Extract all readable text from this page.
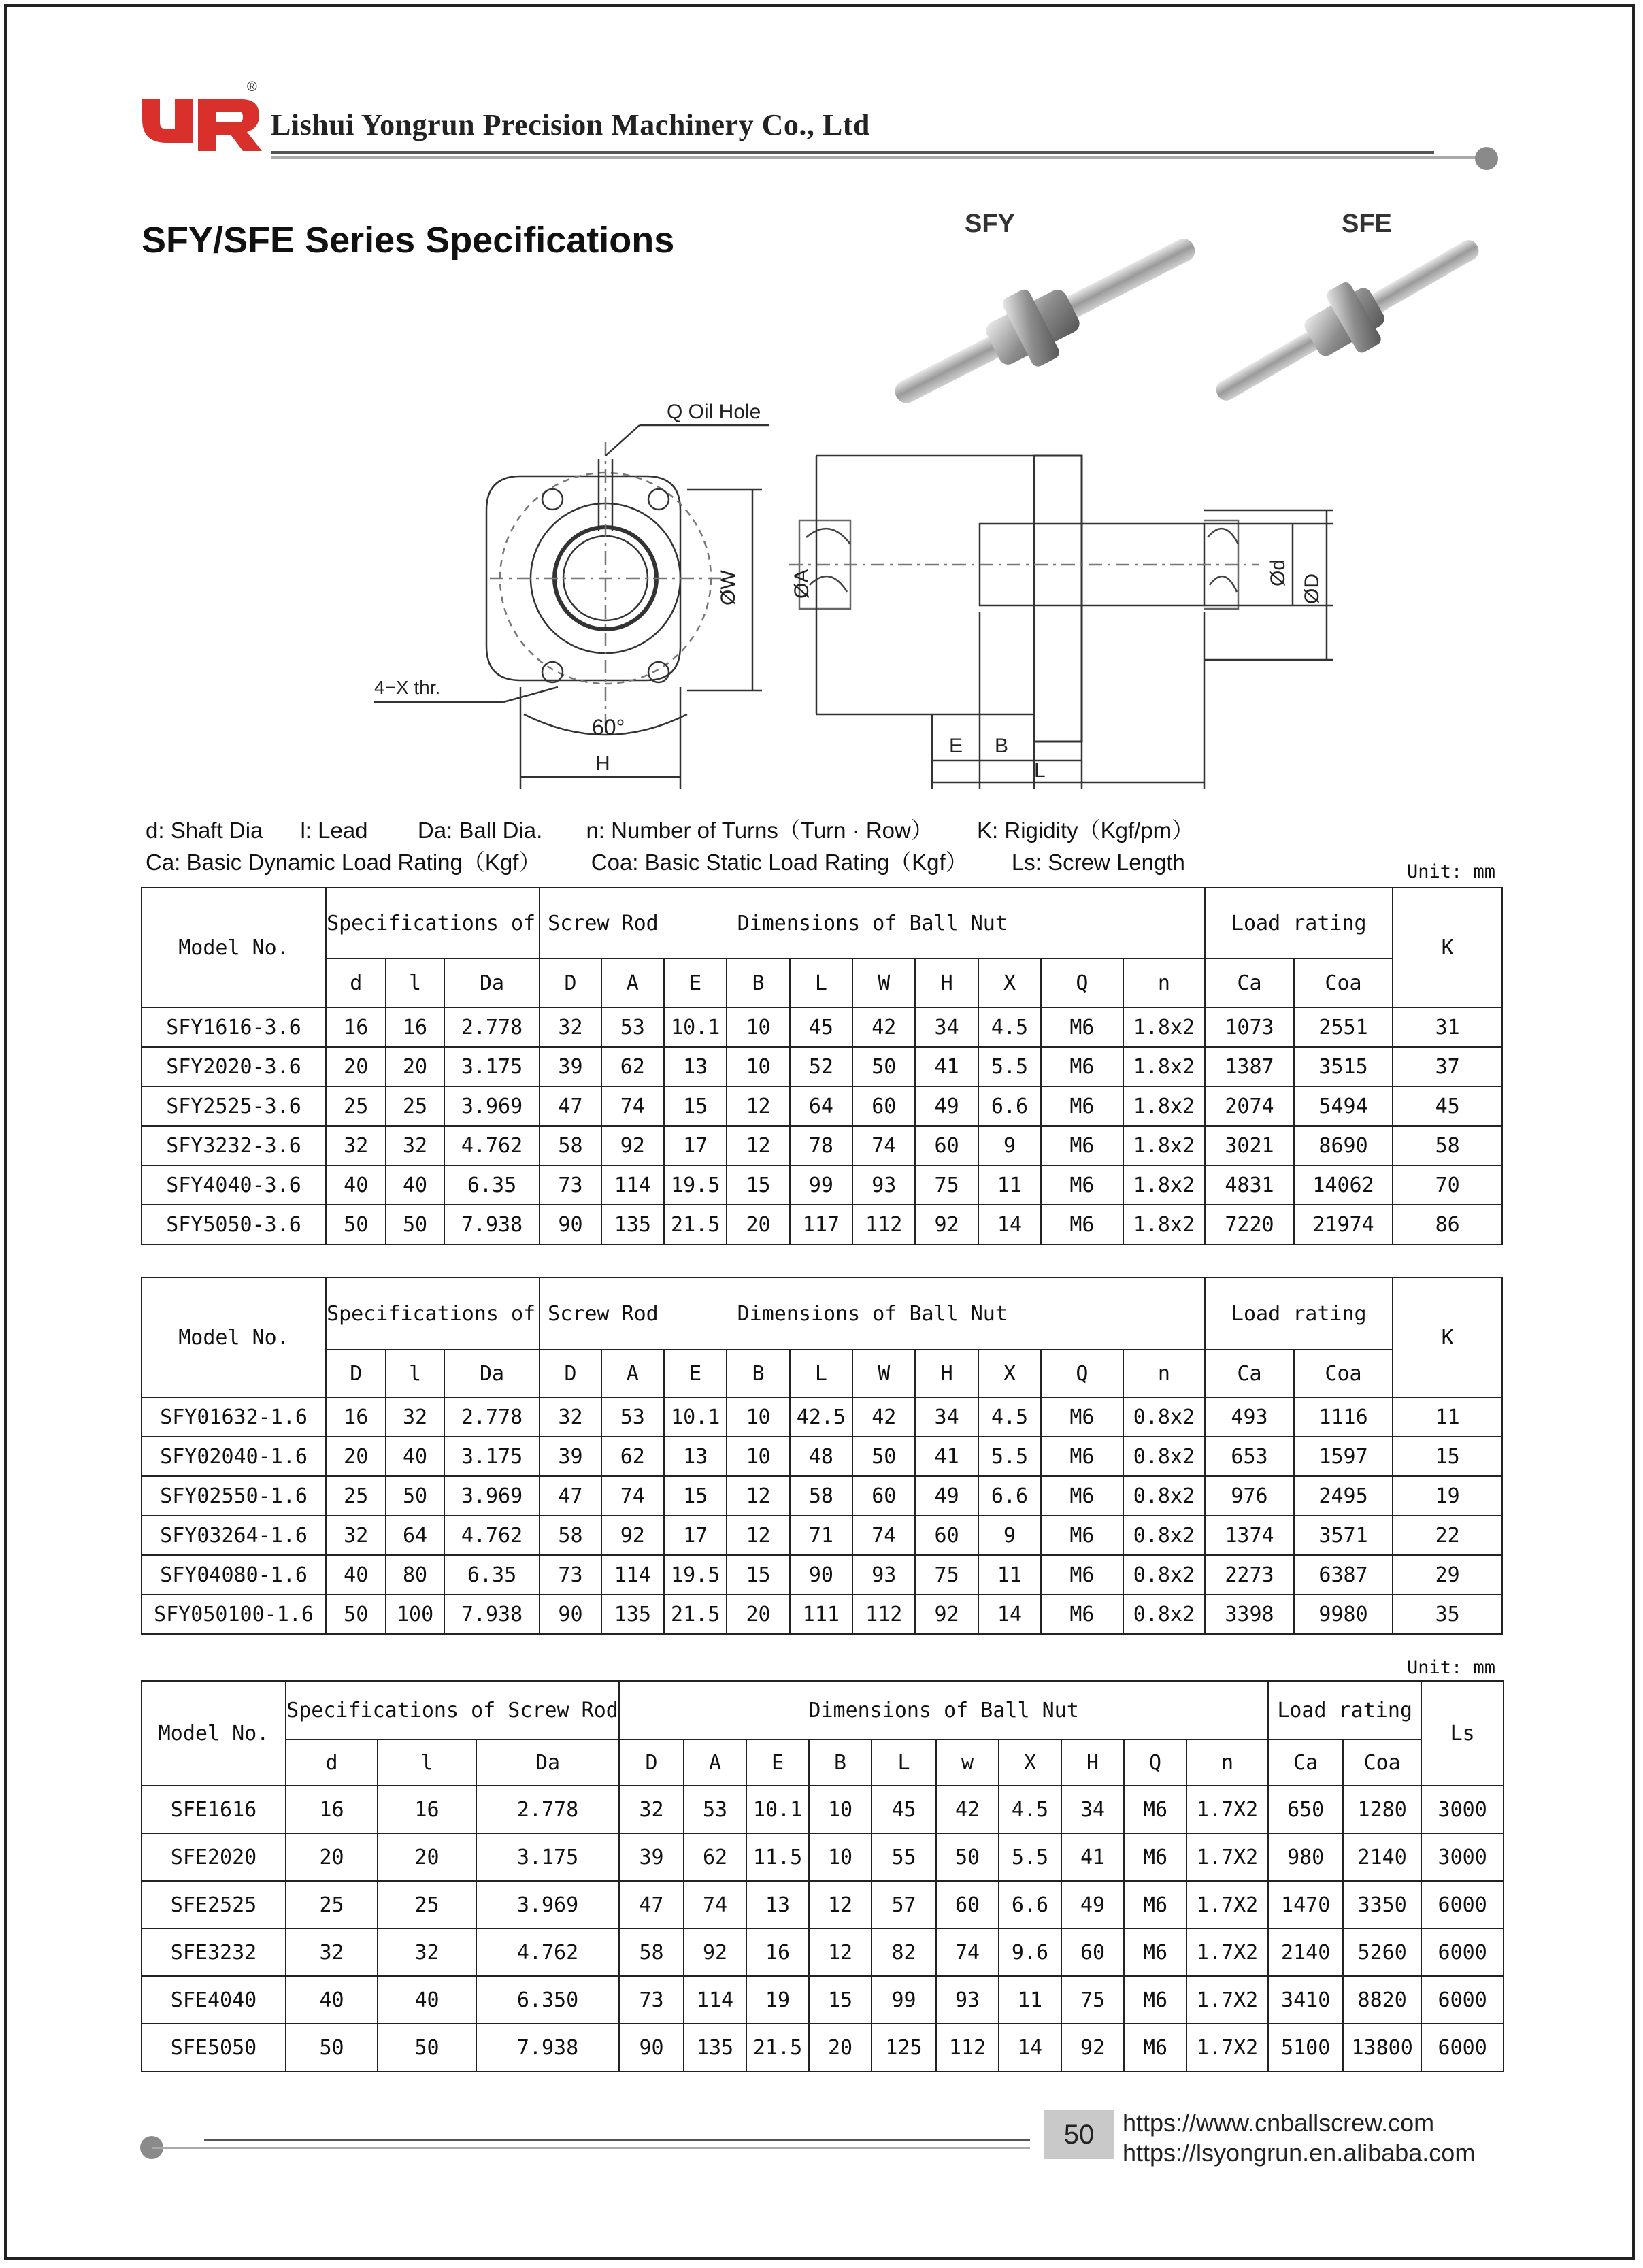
®
Lishui Yongrun Precision Machinery Co., Ltd
SFY/SFE Series Specifications	SFY	SFE
Q Oil Hole
4−X thr.
60°
H
ØW	ØA	Ød
ØD
E B
L
d: Shaft Dia      l: Lead        Da: Ball Dia.       n: Number of Turns（Turn · Row）       K: Rigidity（Kgf/pm）
Ca: Basic Dynamic Load Rating（Kgf）        Coa: Basic Static Load Rating（Kgf）       Ls: Screw Length	Unit: mm
Model No.	Specifications of Screw Rod			Dimensions of Ball Nut										Load rating		K
	d	l	Da	D	A	E	B	L	W	H	X	Q	n	Ca	Coa	
SFY1616-3.6	16	16	2.778	32	53	10.1	10	45	42	34	4.5	M6	1.8x2	1073	2551	31
SFY2020-3.6	20	20	3.175	39	62	13	10	52	50	41	5.5	M6	1.8x2	1387	3515	37
SFY2525-3.6	25	25	3.969	47	74	15	12	64	60	49	6.6	M6	1.8x2	2074	5494	45
SFY3232-3.6	32	32	4.762	58	92	17	12	78	74	60	9	M6	1.8x2	3021	8690	58
SFY4040-3.6	40	40	6.35	73	114	19.5	15	99	93	75	11	M6	1.8x2	4831	14062	70
SFY5050-3.6	50	50	7.938	90	135	21.5	20	117	112	92	14	M6	1.8x2	7220	21974	86
Model No.	Specifications of Screw Rod			Dimensions of Ball Nut										Load rating		K
	D	l	Da	D	A	E	B	L	W	H	X	Q	n	Ca	Coa	
SFY01632-1.6	16	32	2.778	32	53	10.1	10	42.5	42	34	4.5	M6	0.8x2	493	1116	11
SFY02040-1.6	20	40	3.175	39	62	13	10	48	50	41	5.5	M6	0.8x2	653	1597	15
SFY02550-1.6	25	50	3.969	47	74	15	12	58	60	49	6.6	M6	0.8x2	976	2495	19
SFY03264-1.6	32	64	4.762	58	92	17	12	71	74	60	9	M6	0.8x2	1374	3571	22
SFY04080-1.6	40	80	6.35	73	114	19.5	15	90	93	75	11	M6	0.8x2	2273	6387	29
SFY050100-1.6	50	100	7.938	90	135	21.5	20	111	112	92	14	M6	0.8x2	3398	9980	35
Unit: mm
Model No.	Specifications of Screw Rod			Dimensions of Ball Nut										Load rating		Ls
	d	l	Da	D	A	E	B	L	w	X	H	Q	n	Ca	Coa	
SFE1616	16	16	2.778	32	53	10.1	10	45	42	4.5	34	M6	1.7X2	650	1280	3000
SFE2020	20	20	3.175	39	62	11.5	10	55	50	5.5	41	M6	1.7X2	980	2140	3000
SFE2525	25	25	3.969	47	74	13	12	57	60	6.6	49	M6	1.7X2	1470	3350	6000
SFE3232	32	32	4.762	58	92	16	12	82	74	9.6	60	M6	1.7X2	2140	5260	6000
SFE4040	40	40	6.350	73	114	19	15	99	93	11	75	M6	1.7X2	3410	8820	6000
SFE5050	50	50	7.938	90	135	21.5	20	125	112	14	92	M6	1.7X2	5100	13800	6000
50	https://www.cnballscrew.com
https://lsyongrun.en.alibaba.com
